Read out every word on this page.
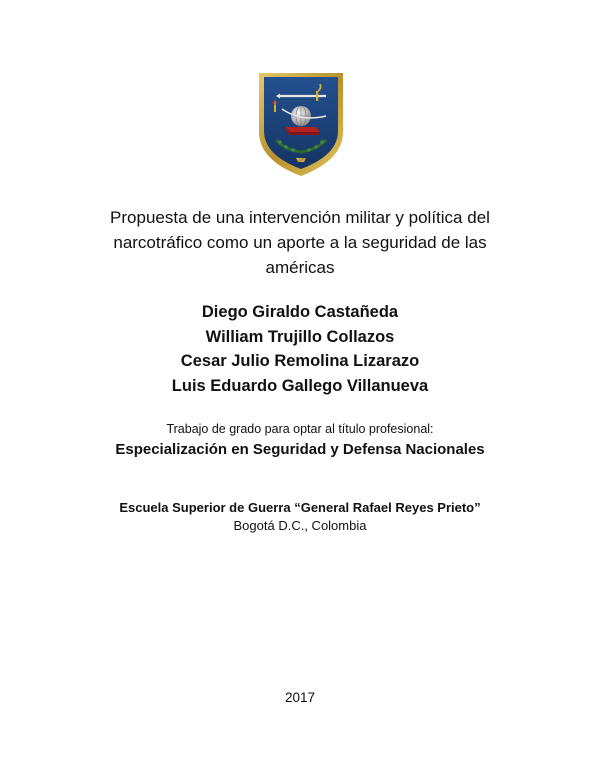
Propuesta de una intervención militar y política del
narcotráfico como un aporte a la seguridad de las
américas
Diego Giraldo Castañeda
William Trujillo Collazos
Cesar Julio Remolina Lizarazo
Luis Eduardo Gallego Villanueva
Trabajo de grado para optar al título profesional:
Especialización en Seguridad y Defensa Nacionales
Escuela Superior de Guerra “General Rafael Reyes Prieto”
Bogotá D.C., Colombia
2017
